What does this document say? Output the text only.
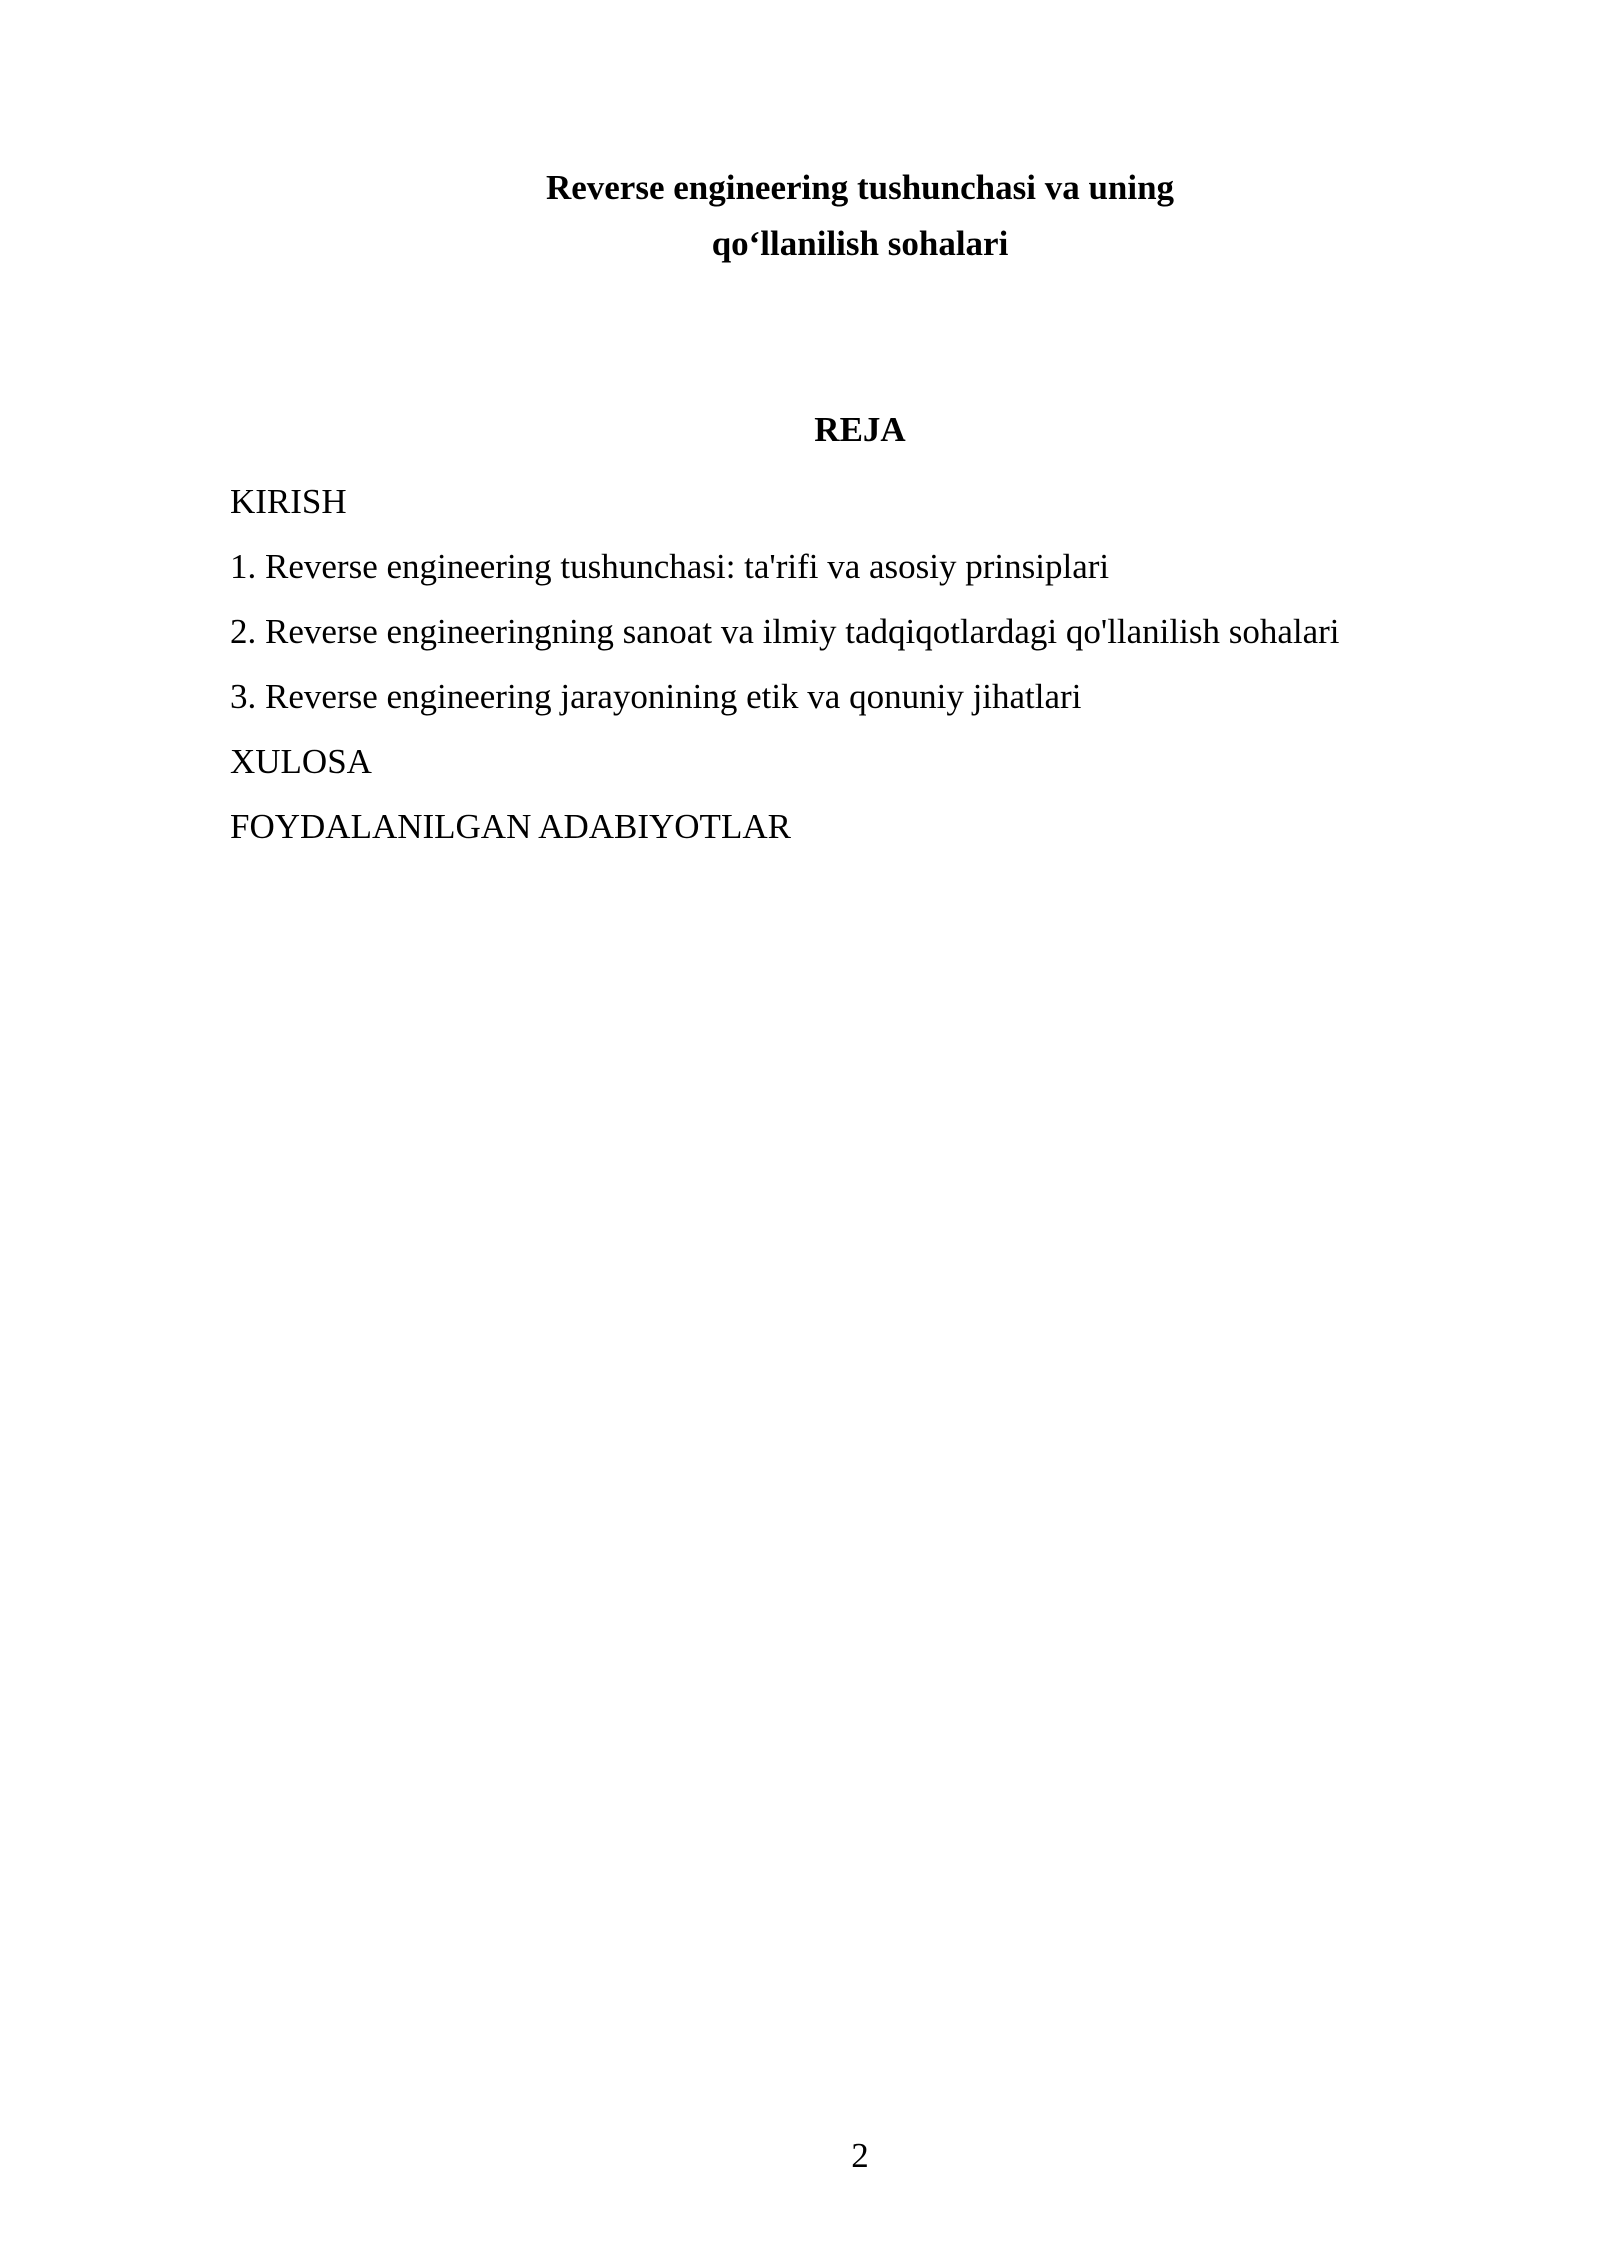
Reverse engineering tushunchasi va uning
qo‘llanilish sohalari
REJA
KIRISH
1. Reverse engineering tushunchasi: ta'rifi va asosiy prinsiplari
2. Reverse engineeringning sanoat va ilmiy tadqiqotlardagi qo'llanilish sohalari
3. Reverse engineering jarayonining etik va qonuniy jihatlari
XULOSA
FOYDALANILGAN ADABIYOTLAR

2
